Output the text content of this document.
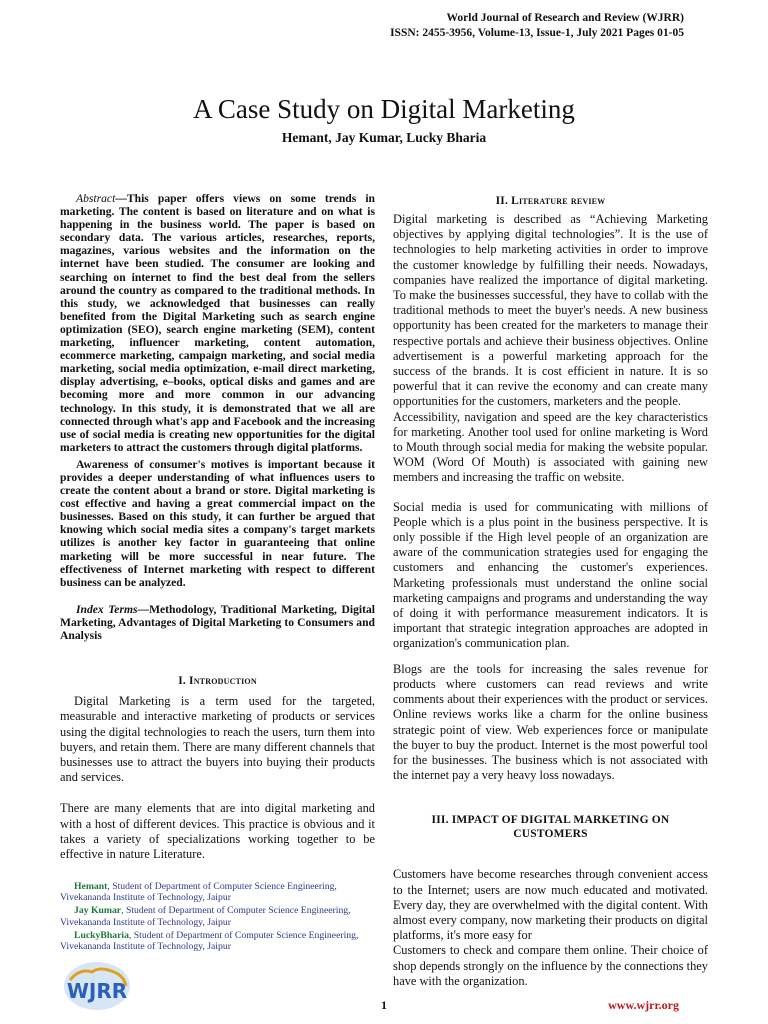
World Journal of Research and Review (WJRR)
ISSN: 2455-3956, Volume-13, Issue-1, July 2021 Pages 01-05
A Case Study on Digital Marketing
Hemant, Jay Kumar, Lucky Bharia

Abstract—This paper offers views on some trends in marketing. The content is based on literature and on what is happening in the business world. The paper is based on secondary data. The various articles, researches, reports, magazines, various websites and the information on the internet have been studied. The consumer are looking and searching on internet to find the best deal from the sellers around the country as compared to the traditional methods. In this study, we acknowledged that businesses can really benefited from the Digital Marketing such as search engine optimization (SEO), search engine marketing (SEM), content marketing, influencer marketing, content automation, ecommerce marketing, campaign marketing, and social media marketing, social media optimization, e-mail direct marketing, display advertising, e–books, optical disks and games and are becoming more and more common in our advancing technology. In this study, it is demonstrated that we all are connected through what's app and Facebook and the increasing use of social media is creating new opportunities for the digital marketers to attract the customers through digital platforms.

Awareness of consumer's motives is important because it provides a deeper understanding of what influences users to create the content about a brand or store. Digital marketing is cost effective and having a great commercial impact on the businesses. Based on this study, it can further be argued that knowing which social media sites a company's target markets utilizes is another key factor in guaranteeing that online marketing will be more successful in near future. The effectiveness of Internet marketing with respect to different business can be analyzed.

Index Terms—Methodology, Traditional Marketing, Digital Marketing, Advantages of Digital Marketing to Consumers and Analysis

I. Introduction

Digital Marketing is a term used for the targeted, measurable and interactive marketing of products or services using the digital technologies to reach the users, turn them into buyers, and retain them. There are many different channels that businesses use to attract the buyers into buying their products and services.

There are many elements that are into digital marketing and with a host of different devices. This practice is obvious and it takes a variety of specializations working together to be effective in nature Literature.

II. Literature review

Digital marketing is described as “Achieving Marketing objectives by applying digital technologies”. It is the use of technologies to help marketing activities in order to improve the customer knowledge by fulfilling their needs. Nowadays, companies have realized the importance of digital marketing. To make the businesses successful, they have to collab with the traditional methods to meet the buyer's needs. A new business opportunity has been created for the marketers to manage their respective portals and achieve their business objectives. Online advertisement is a powerful marketing approach for the success of the brands. It is cost efficient in nature. It is so powerful that it can revive the economy and can create many opportunities for the customers, marketers and the people.

Accessibility, navigation and speed are the key characteristics for marketing. Another tool used for online marketing is Word to Mouth through social media for making the website popular. WOM (Word Of Mouth) is associated with gaining new members and increasing the traffic on website.

Social media is used for communicating with millions of People which is a plus point in the business perspective. It is only possible if the High level people of an organization are aware of the communication strategies used for engaging the customers and enhancing the customer's experiences. Marketing professionals must understand the online social marketing campaigns and programs and understanding the way of doing it with performance measurement indicators. It is important that strategic integration approaches are adopted in organization's communication plan.

Blogs are the tools for increasing the sales revenue for products where customers can read reviews and write comments about their experiences with the product or services. Online reviews works like a charm for the online business strategic point of view. Web experiences force or manipulate the buyer to buy the product. Internet is the most powerful tool for the businesses. The business which is not associated with the internet pay a very heavy loss nowadays.

III. IMPACT OF DIGITAL MARKETING ON CUSTOMERS

Customers have become researches through convenient access to the Internet; users are now much educated and motivated. Every day, they are overwhelmed with the digital content. With almost every company, now marketing their products on digital platforms, it's more easy for

Customers to check and compare them online. Their choice of shop depends strongly on the influence by the connections they have with the organization.

Hemant, Student of Department of Computer Science Engineering, Vivekananda Institute of Technology, Jaipur

Jay Kumar, Student of Department of Computer Science Engineering, Vivekananda Institute of Technology, Jaipur

LuckyBharia, Student of Department of Computer Science Engineering, Vivekananda Institute of Technology, Jaipur

WJRR
1	www.wjrr.org
